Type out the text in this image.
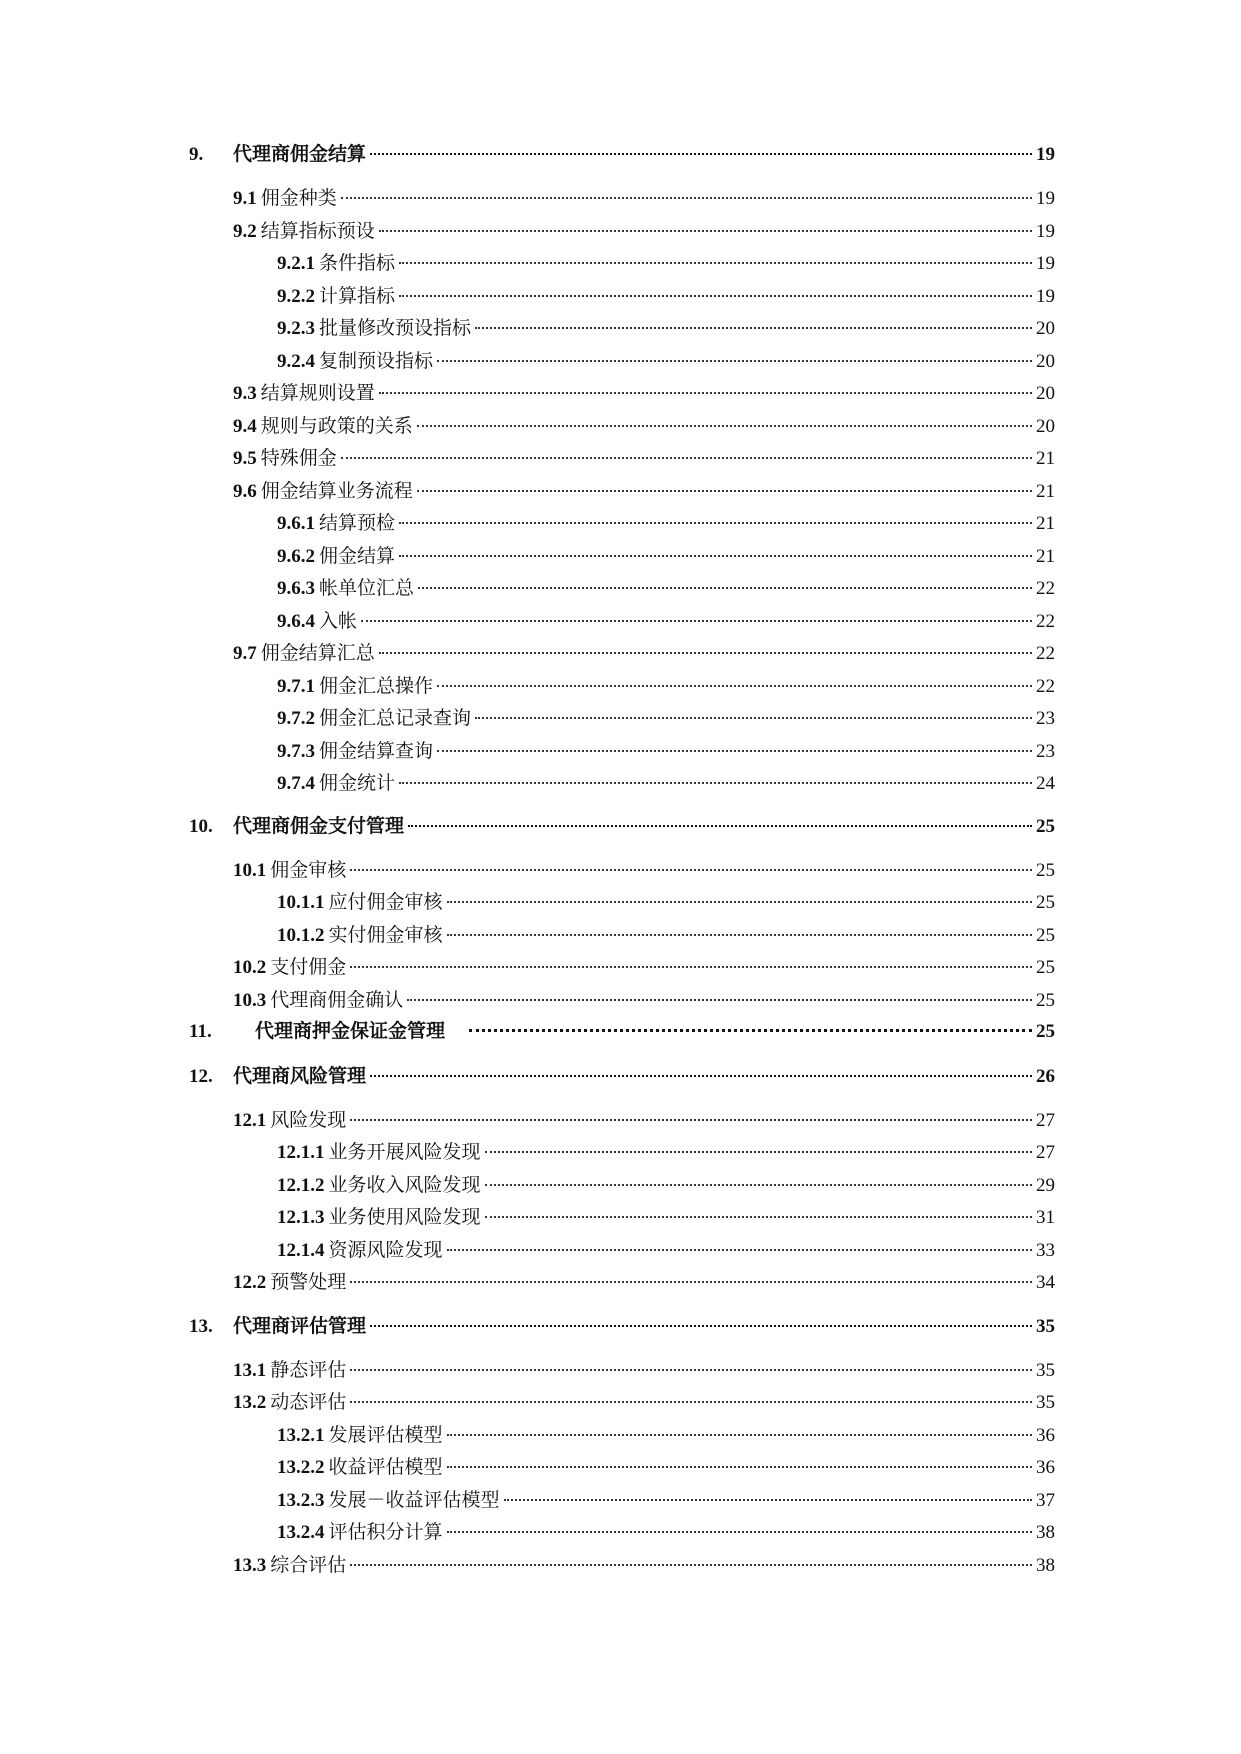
9.	代理商佣金结算	19
9.1 佣金种类	19
9.2 结算指标预设	19
9.2.1 条件指标	19
9.2.2 计算指标	19
9.2.3 批量修改预设指标	20
9.2.4 复制预设指标	20
9.3 结算规则设置	20
9.4 规则与政策的关系	20
9.5 特殊佣金	21
9.6 佣金结算业务流程	21
9.6.1 结算预检	21
9.6.2 佣金结算	21
9.6.3 帐单位汇总	22
9.6.4 入帐	22
9.7 佣金结算汇总	22
9.7.1 佣金汇总操作	22
9.7.2 佣金汇总记录查询	23
9.7.3 佣金结算查询	23
9.7.4 佣金统计	24
10.	代理商佣金支付管理	25
10.1 佣金审核	25
10.1.1 应付佣金审核	25
10.1.2 实付佣金审核	25
10.2 支付佣金	25
10.3 代理商佣金确认	25
11.	代理商押金保证金管理	25
12.	代理商风险管理	26
12.1 风险发现	27
12.1.1 业务开展风险发现	27
12.1.2 业务收入风险发现	29
12.1.3 业务使用风险发现	31
12.1.4 资源风险发现	33
12.2 预警处理	34
13.	代理商评估管理	35
13.1 静态评估	35
13.2 动态评估	35
13.2.1 发展评估模型	36
13.2.2 收益评估模型	36
13.2.3 发展－收益评估模型	37
13.2.4 评估积分计算	38
13.3 综合评估	38
